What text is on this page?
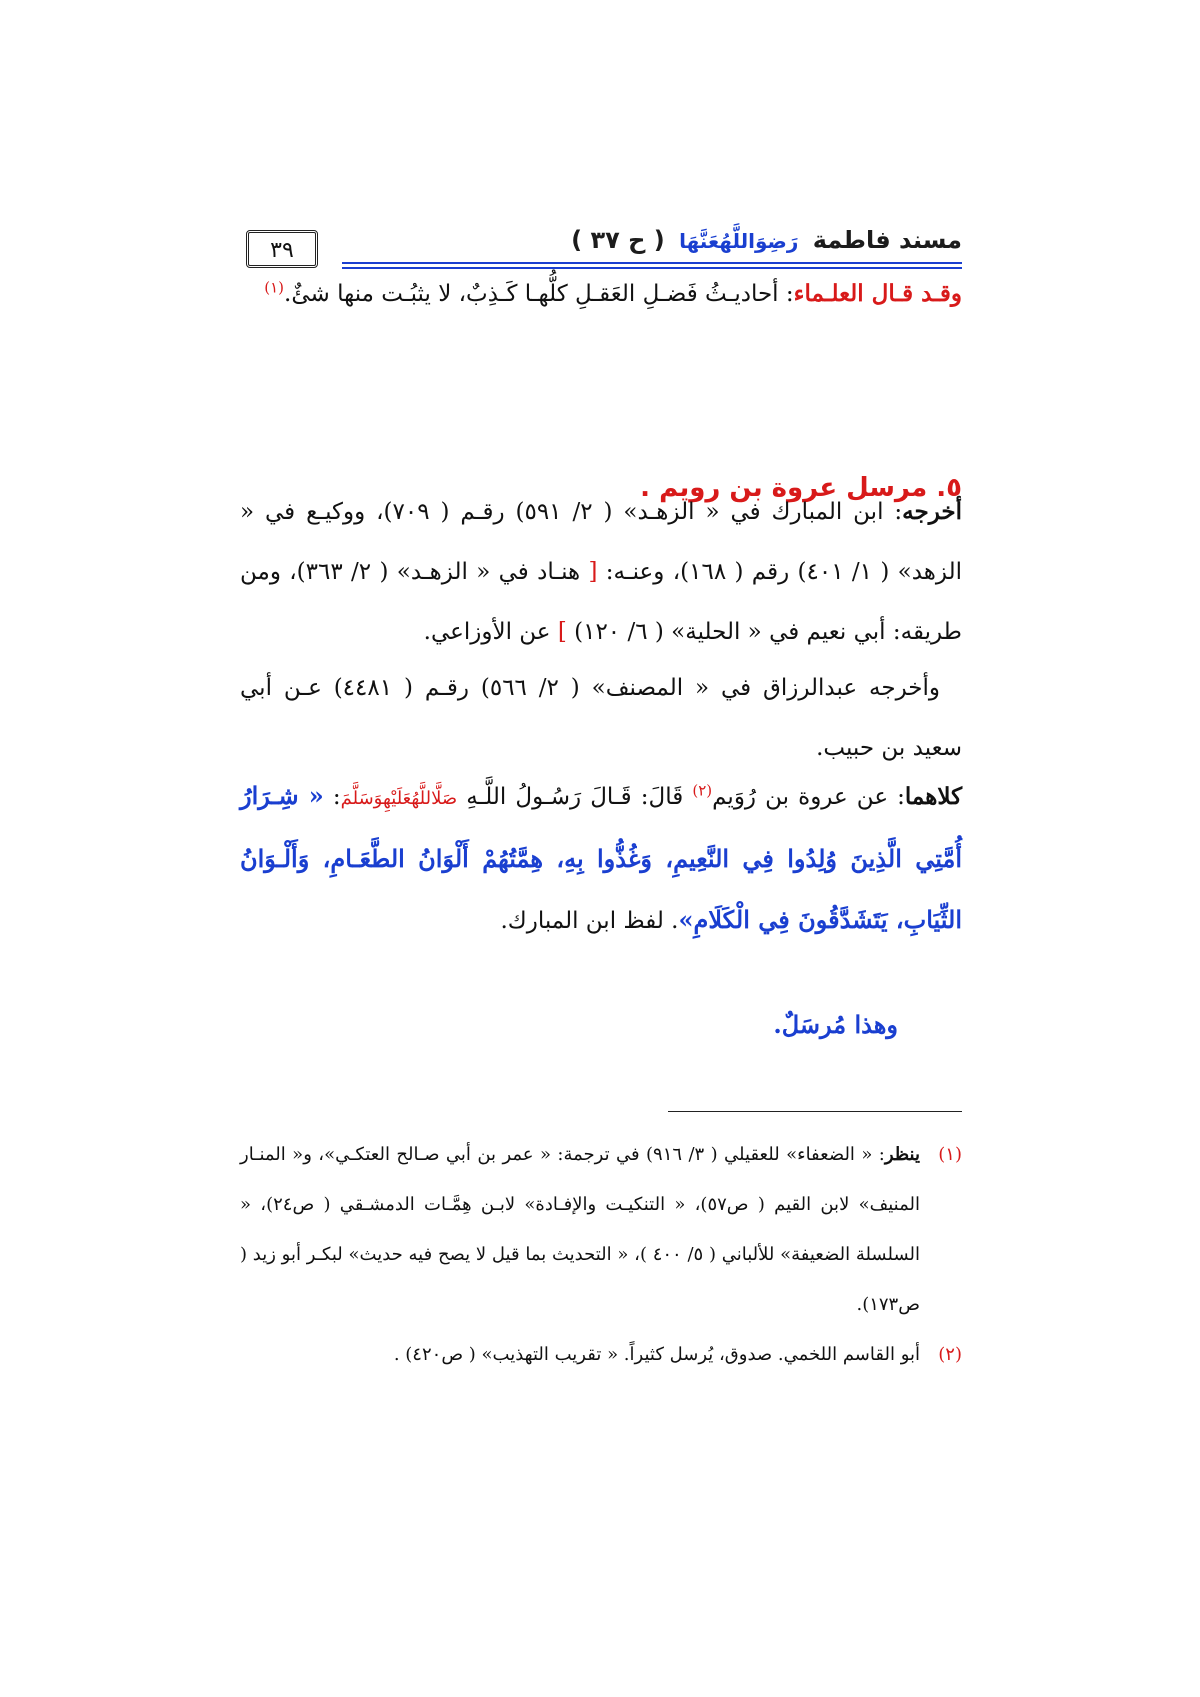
مسند فاطمة رَضِوَاللَّهُعَنَّهَا ( ح ٣٧ )
٣٩
وقـد قـال العلـماء: أحاديـثُ فَضـلِ العَقـلِ كلُّهـا كَـذِبٌ، لا يثبُـت منها شئٌ.$^{(١)}$
٥. مرسل عروة بن رويم .
أخرجه: ابن المبارك في « الزهـد» ( ٢/ ٥٩١) رقـم ( ٧٠٩)، ووكيـع في « الزهد» ( ١/ ٤٠١) رقم ( ١٦٨)، وعنـه: [ هنـاد في « الزهـد» ( ٢/ ٣٦٣)، ومن طريقه: أبي نعيم في « الحلية» ( ٦/ ١٢٠) ] عن الأوزاعي.
وأخرجه عبدالرزاق في « المصنف» ( ٢/ ٥٦٦) رقـم ( ٤٤٨١) عـن أبي سعيد بن حبيب.
كلاهما: عن عروة بن رُوَيم$^{(٢)}$ قَالَ: قَـالَ رَسُـولُ اللَّـهِ صَلَّاللَّهُعَلَيْهِوَسَلَّمَ: « شِـرَارُ أُمَّتِي الَّذِينَ وُلِدُوا فِي النَّعِيمِ، وَغُذُّوا بِهِ، هِمَّتُهُمْ أَلْوَانُ الطَّعَـامِ، وَأَلْـوَانُ الثِّيَابِ، يَتَشَدَّقُونَ فِي الْكَلَامِ». لفظ ابن المبارك.
وهذا مُرسَلٌ.
(١)
ينظر: « الضعفاء» للعقيلي ( ٣/ ٩١٦) في ترجمة: « عمر بن أبي صـالح العتكـي»، و« المنـار المنيف» لابن القيم ( ص٥٧)، « التنكيـت والإفـادة» لابـن هِمَّـات الدمشـقي ( ص٢٤)، « السلسلة الضعيفة» للألباني ( ٥/ ٤٠٠ )، « التحديث بما قيل لا يصح فيه حديث» لبكـر أبو زيد ( ص١٧٣).
(٢)
أبو القاسم اللخمي. صدوق، يُرسل كثيراً. « تقريب التهذيب» ( ص٤٢٠) .
